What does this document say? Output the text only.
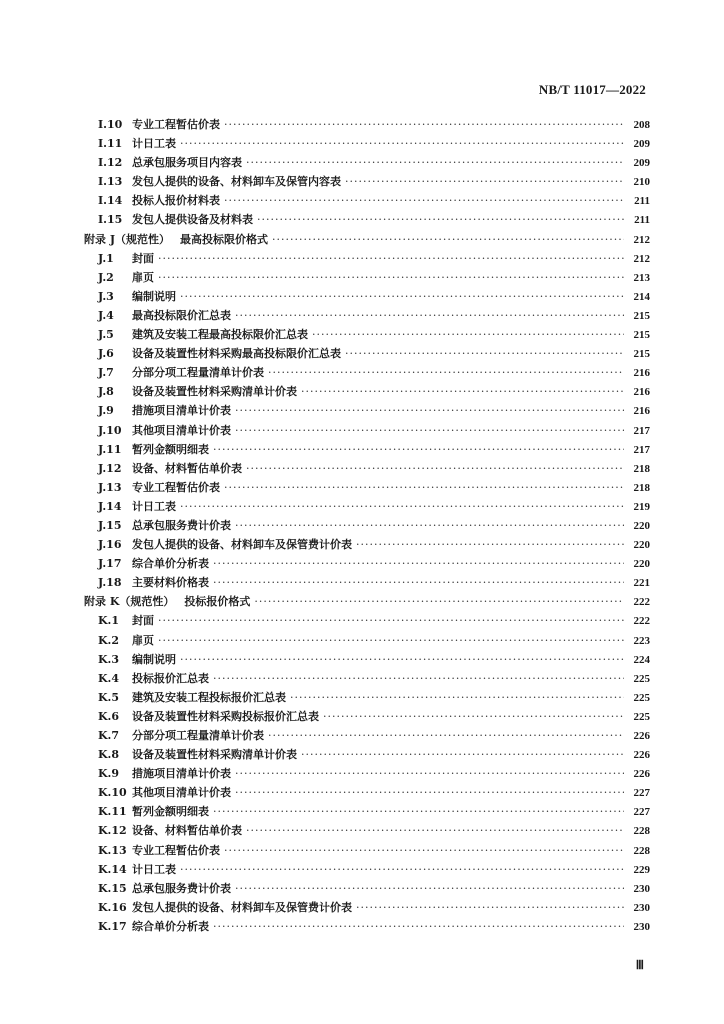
NB/T 11017—2022
I.10 专业工程暂估价表 ·····	208
I.11 计日工表 ·····	209
I.12 总承包服务项目内容表 ·····	209
I.13 发包人提供的设备、材料卸车及保管内容表 ·····	210
I.14 投标人报价材料表 ·····	211
I.15 发包人提供设备及材料表 ·····	211
附录 J（规范性） 最高投标限价格式 ·····	212
J.1	封面 ·····	212
J.2	扉页 ·····	213
J.3	编制说明 ·····	214
J.4	最高投标限价汇总表 ·····	215
J.5	建筑及安装工程最高投标限价汇总表 ·····	215
J.6	设备及装置性材料采购最高投标限价汇总表 ·····	215
J.7	分部分项工程量清单计价表 ·····	216
J.8	设备及装置性材料采购清单计价表 ·····	216
J.9	措施项目清单计价表 ·····	216
J.10 其他项目清单计价表 ·····	217
J.11 暂列金额明细表 ·····	217
J.12 设备、材料暂估单价表 ·····	218
J.13 专业工程暂估价表 ·····	218
J.14 计日工表 ·····	219
J.15 总承包服务费计价表 ·····	220
J.16 发包人提供的设备、材料卸车及保管费计价表 ·····	220
J.17 综合单价分析表 ·····	220
J.18 主要材料价格表 ·····	221
附录 K（规范性） 投标报价格式 ·····	222
K.1	封面 ·····	222
K.2	扉页 ·····	223
K.3	编制说明 ·····	224
K.4	投标报价汇总表 ·····	225
K.5	建筑及安装工程投标报价汇总表 ·····	225
K.6	设备及装置性材料采购投标报价汇总表 ·····	225
K.7	分部分项工程量清单计价表 ·····	226
K.8	设备及装置性材料采购清单计价表 ·····	226
K.9	措施项目清单计价表 ·····	226
K.10 其他项目清单计价表 ·····	227
K.11 暂列金额明细表 ·····	227
K.12 设备、材料暂估单价表 ·····	228
K.13 专业工程暂估价表 ·····	228
K.14 计日工表 ·····	229
K.15 总承包服务费计价表 ·····	230
K.16 发包人提供的设备、材料卸车及保管费计价表 ·····	230
K.17 综合单价分析表 ·····	230
Ⅲ
